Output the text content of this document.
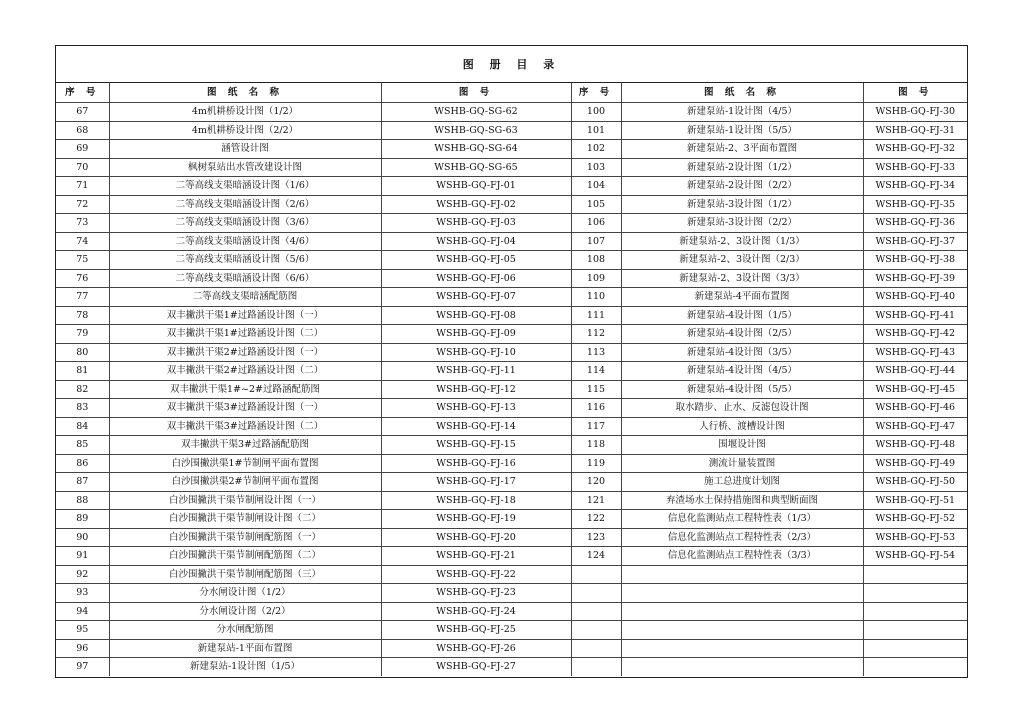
图 册 目 录
序 号	图 纸 名 称	图 号	序 号	图 纸 名 称	图 号
67	4m机耕桥设计图（1/2）	WSHB-GQ-SG-62	100	新建泵站-1设计图（4/5）	WSHB-GQ-FJ-30
68	4m机耕桥设计图（2/2）	WSHB-GQ-SG-63	101	新建泵站-1设计图（5/5）	WSHB-GQ-FJ-31
69	涵管设计图	WSHB-GQ-SG-64	102	新建泵站-2、3平面布置图	WSHB-GQ-FJ-32
70	枫树泵站出水管改建设计图	WSHB-GQ-SG-65	103	新建泵站-2设计图（1/2）	WSHB-GQ-FJ-33
71	二等高线支渠暗涵设计图（1/6）	WSHB-GQ-FJ-01	104	新建泵站-2设计图（2/2）	WSHB-GQ-FJ-34
72	二等高线支渠暗涵设计图（2/6）	WSHB-GQ-FJ-02	105	新建泵站-3设计图（1/2）	WSHB-GQ-FJ-35
73	二等高线支渠暗涵设计图（3/6）	WSHB-GQ-FJ-03	106	新建泵站-3设计图（2/2）	WSHB-GQ-FJ-36
74	二等高线支渠暗涵设计图（4/6）	WSHB-GQ-FJ-04	107	新建泵站-2、3设计图（1/3）	WSHB-GQ-FJ-37
75	二等高线支渠暗涵设计图（5/6）	WSHB-GQ-FJ-05	108	新建泵站-2、3设计图（2/3）	WSHB-GQ-FJ-38
76	二等高线支渠暗涵设计图（6/6）	WSHB-GQ-FJ-06	109	新建泵站-2、3设计图（3/3）	WSHB-GQ-FJ-39
77	二等高线支渠暗涵配筋图	WSHB-GQ-FJ-07	110	新建泵站-4平面布置图	WSHB-GQ-FJ-40
78	双丰撇洪干渠1#过路涵设计图（一）	WSHB-GQ-FJ-08	111	新建泵站-4设计图（1/5）	WSHB-GQ-FJ-41
79	双丰撇洪干渠1#过路涵设计图（二）	WSHB-GQ-FJ-09	112	新建泵站-4设计图（2/5）	WSHB-GQ-FJ-42
80	双丰撇洪干渠2#过路涵设计图（一）	WSHB-GQ-FJ-10	113	新建泵站-4设计图（3/5）	WSHB-GQ-FJ-43
81	双丰撇洪干渠2#过路涵设计图（二）	WSHB-GQ-FJ-11	114	新建泵站-4设计图（4/5）	WSHB-GQ-FJ-44
82	双丰撇洪干渠1#~2#过路涵配筋图	WSHB-GQ-FJ-12	115	新建泵站-4设计图（5/5）	WSHB-GQ-FJ-45
83	双丰撇洪干渠3#过路涵设计图（一）	WSHB-GQ-FJ-13	116	取水踏步、止水、反滤包设计图	WSHB-GQ-FJ-46
84	双丰撇洪干渠3#过路涵设计图（二）	WSHB-GQ-FJ-14	117	人行桥、渡槽设计图	WSHB-GQ-FJ-47
85	双丰撇洪干渠3#过路涵配筋图	WSHB-GQ-FJ-15	118	围堰设计图	WSHB-GQ-FJ-48
86	白沙围撇洪渠1#节制闸平面布置图	WSHB-GQ-FJ-16	119	测流计量装置图	WSHB-GQ-FJ-49
87	白沙围撇洪渠2#节制闸平面布置图	WSHB-GQ-FJ-17	120	施工总进度计划图	WSHB-GQ-FJ-50
88	白沙围撇洪干渠节制闸设计图（一）	WSHB-GQ-FJ-18	121	弃渣场水土保持措施图和典型断面图	WSHB-GQ-FJ-51
89	白沙围撇洪干渠节制闸设计图（二）	WSHB-GQ-FJ-19	122	信息化监测站点工程特性表（1/3）	WSHB-GQ-FJ-52
90	白沙围撇洪干渠节制闸配筋图（一）	WSHB-GQ-FJ-20	123	信息化监测站点工程特性表（2/3）	WSHB-GQ-FJ-53
91	白沙围撇洪干渠节制闸配筋图（二）	WSHB-GQ-FJ-21	124	信息化监测站点工程特性表（3/3）	WSHB-GQ-FJ-54
92	白沙围撇洪干渠节制闸配筋图（三）	WSHB-GQ-FJ-22			
93	分水闸设计图（1/2）	WSHB-GQ-FJ-23			
94	分水闸设计图（2/2）	WSHB-GQ-FJ-24			
95	分水闸配筋图	WSHB-GQ-FJ-25			
96	新建泵站-1平面布置图	WSHB-GQ-FJ-26			
97	新建泵站-1设计图（1/5）	WSHB-GQ-FJ-27			
